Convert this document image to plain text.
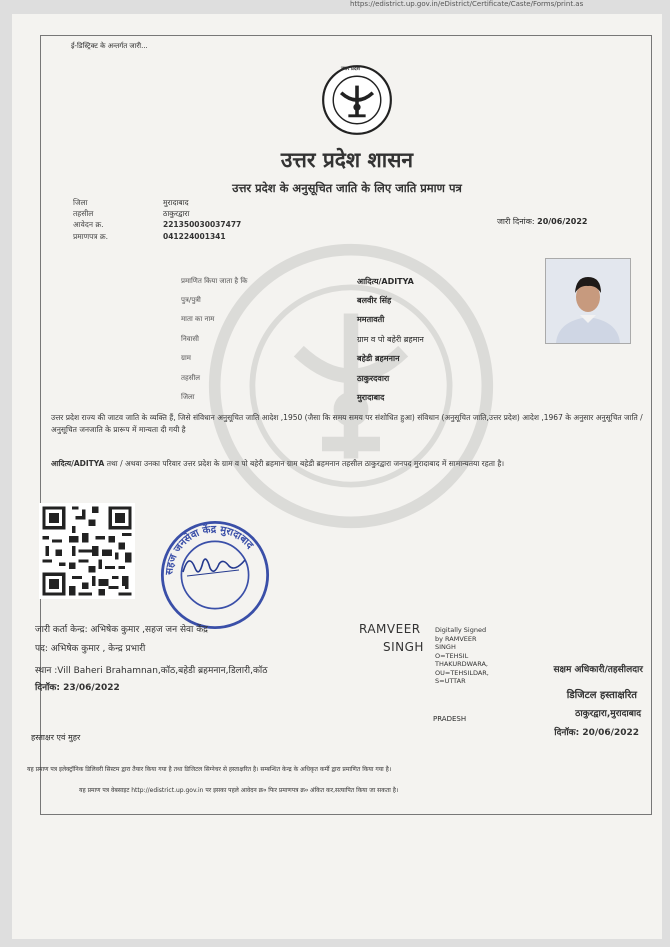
https://edistrict.up.gov.in/eDistrict/Certificate/Caste/Forms/print.as
ई-डिस्ट्रिक्ट के अन्तर्गत जारी...
उत्तर प्रदेश
उत्तर प्रदेश शासन
उत्तर प्रदेश के अनुसूचित जाति के लिए जाति प्रमाण पत्र
जिला	मुरादाबाद
तहसील	ठाकुरद्वारा
आवेदन क्र.	221350030037477
प्रमाणपत्र क्र.	041224001341
जारी दिनांक: 20/06/2022
प्रमाणित किया जाता है कि	आदित्य/ADITYA
पुत्र/पुत्री	बलवीर सिंह
माता का नाम	ममतावती
निवासी	ग्राम व पो बहेरी ब्रहमान
ग्राम	बहेडी ब्रहमनान
तहसील	ठाकुरदवारा
जिला	मुरादाबाद
उत्तर प्रदेश राज्य की जाटव जाति के व्यक्ति हैं, जिसे संविधान अनुसूचित जाति आदेश ,1950 (जैसा कि समय समय पर संशोधित हुआ) संविधान (अनुसूचित जाति,उत्तर प्रदेश) आदेश ,1967 के अनुसार अनुसूचित जाति / अनुसूचित जनजाति के प्रारूप में मान्यता दी गयी है
आदित्य/ADITYA तथा / अथवा उनका परिवार उत्तर प्रदेश के ग्राम व पो बहेरी ब्रहमान ग्राम बहेडी ब्रहमनान तहसील ठाकुरद्वारा जनपद मुरादाबाद में सामान्यतया रहता है।
सहज जनसेवा केंद्र मुरादाबाद
जारी कर्ता केन्द्र: अभिषेक कुमार ,सहज जन सेवा केंद्र
पद: अभिषेक कुमार , केन्द्र प्रभारी
स्थान :Vill Baheri Brahamnan,कॉठ,बहेडी ब्रहमनान,डिलारी,कॉठ
दिनॉक: 23/06/2022
RAMVEER
SINGH
Digitally Signed
by RAMVEER
SINGH
O=TEHSIL
THAKURDWARA,
OU=TEHSILDAR,
S=UTTAR
PRADESH
सक्षम अधिकारी/तहसीलदार
डिजिटल हस्ताक्षरित
ठाकुरद्वारा,मुरादाबाद
दिनॉक: 20/06/2022
हस्ताक्षर एवं मुहर
यह प्रमाण पत्र इलेक्ट्रॉनिक डिलिवरी सिस्टम द्वारा तैयार किया गया है तथा डिजिटल सिग्नेचर से हस्ताक्षरित है। सम्बन्धित केन्द्र के अधिकृत कर्मी द्वारा प्रमाणित किया गया है।
यह प्रमाण पत्र वेबसाइट http://edistrict.up.gov.in पर इसका पहले आवेदन क्र० फिर प्रमाणपत्र क्र० अंकित कर,सत्यापित किया जा सकता है।
